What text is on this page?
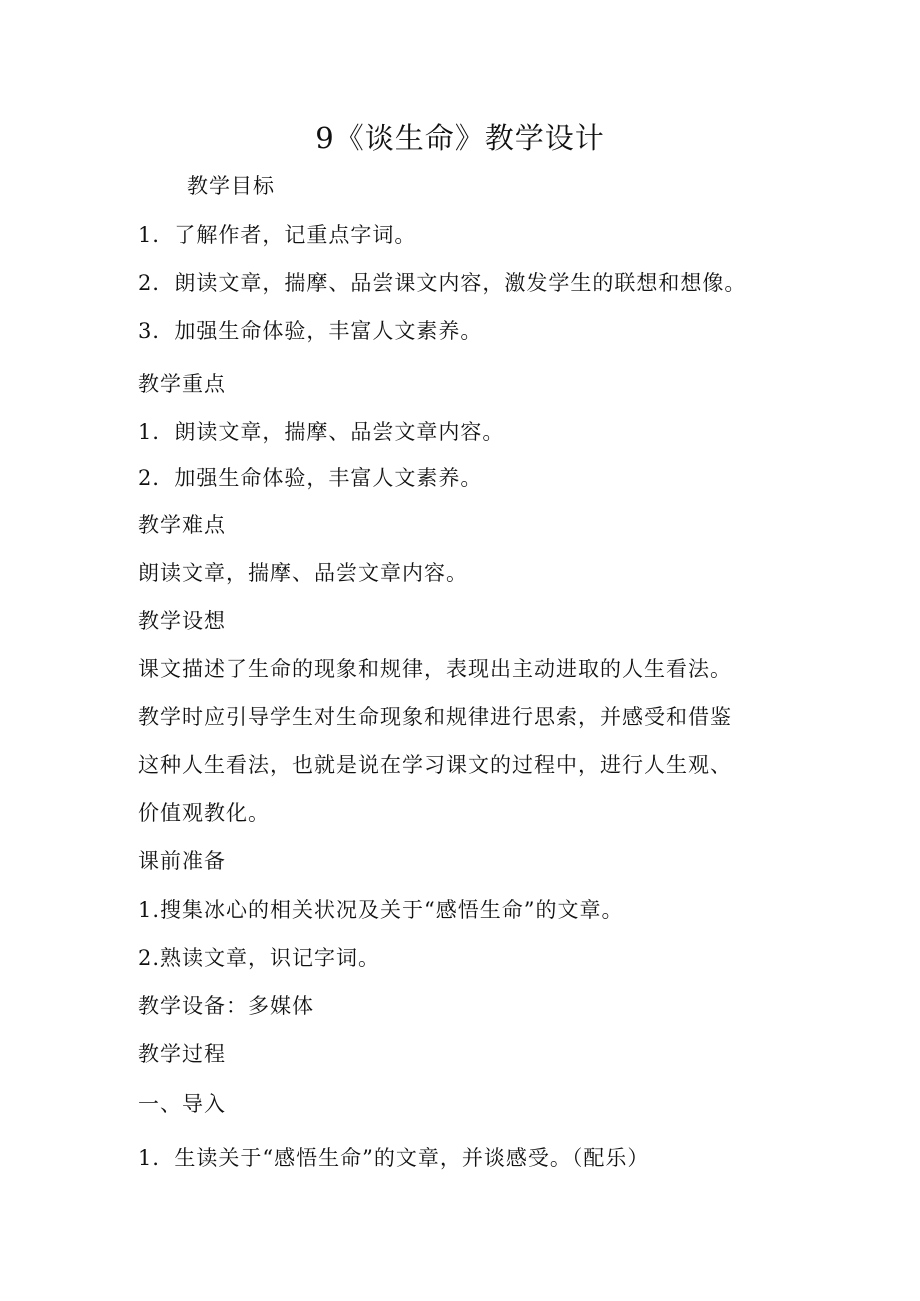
9《谈生命》教学设计
教学目标
1．了解作者，记重点字词。
2．朗读文章，揣摩、品尝课文内容，激发学生的联想和想像。
3．加强生命体验，丰富人文素养。
教学重点
1．朗读文章，揣摩、品尝文章内容。
2．加强生命体验，丰富人文素养。
教学难点
朗读文章，揣摩、品尝文章内容。
教学设想
课文描述了生命的现象和规律，表现出主动进取的人生看法。
教学时应引导学生对生命现象和规律进行思索，并感受和借鉴
这种人生看法，也就是说在学习课文的过程中，进行人生观、
价值观教化。
课前准备
1.搜集冰心的相关状况及关于“感悟生命”的文章。
2.熟读文章，识记字词。
教学设备：多媒体
教学过程
一、导入
1．生读关于“感悟生命”的文章，并谈感受。（配乐）
